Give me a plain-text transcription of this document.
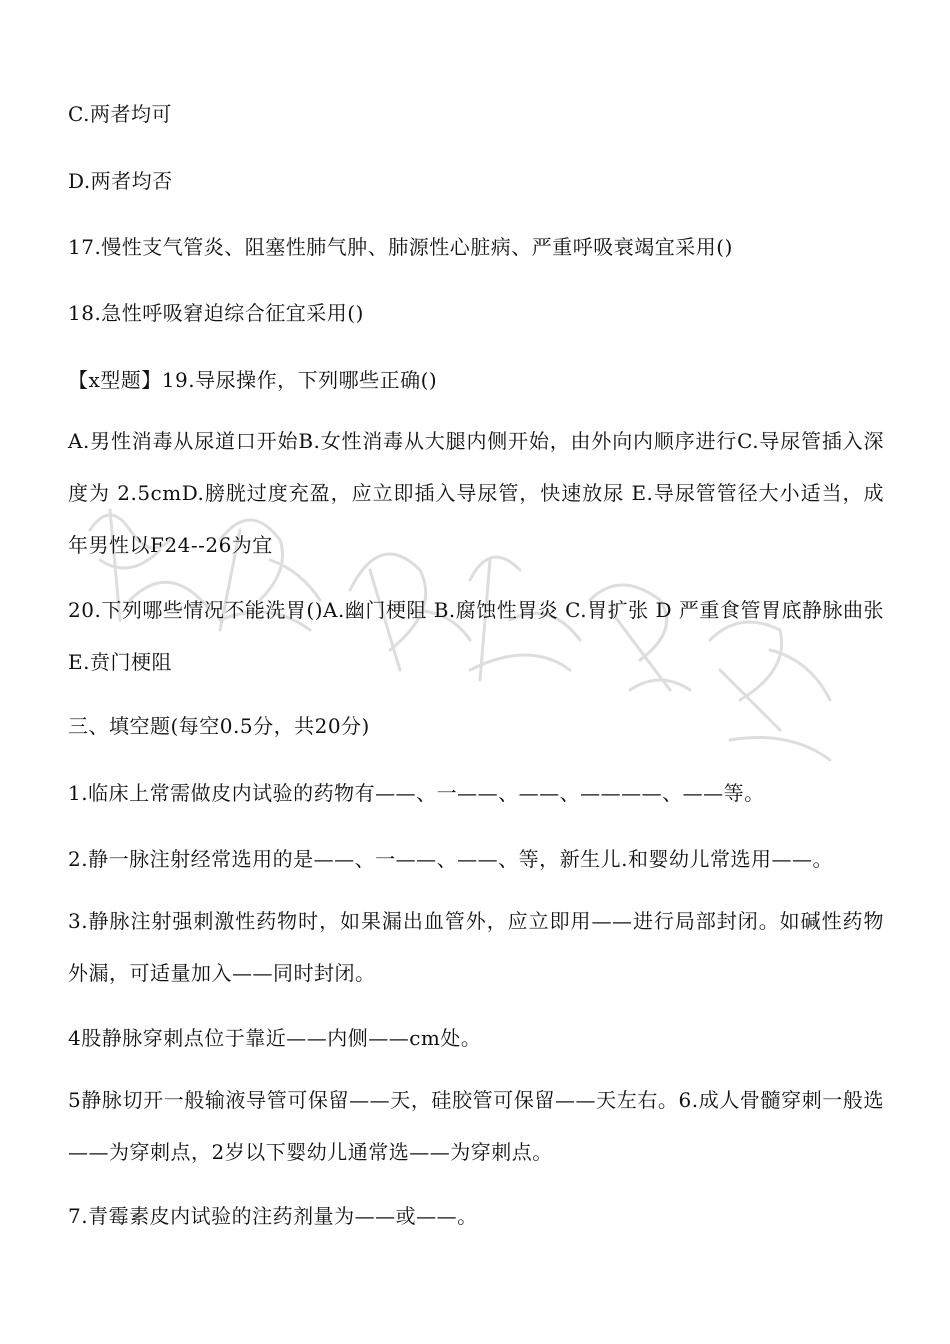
C.两者均可
D.两者均否
17.慢性支气管炎、阻塞性肺气肿、肺源性心脏病、严重呼吸衰竭宜采用()
18.急性呼吸窘迫综合征宜采用()
【x型题】19.导尿操作，下列哪些正确()
A.男性消毒从尿道口开始B.女性消毒从大腿内侧开始，由外向内顺序进行C.导尿管插入深度为 2.5cmD.膀胱过度充盈，应立即插入导尿管，快速放尿 E.导尿管管径大小适当，成年男性以F24--26为宜
20.下列哪些情况不能洗胃()A.幽门梗阻 B.腐蚀性胃炎 C.胃扩张 D 严重食管胃底静脉曲张E.贲门梗阻
三、填空题(每空0.5分，共20分)
1.临床上常需做皮内试验的药物有——、一——、——、————、——等。
2.静一脉注射经常选用的是——、一——、——、等，新生儿.和婴幼儿常选用——。
3.静脉注射强刺激性药物时，如果漏出血管外，应立即用——进行局部封闭。如碱性药物外漏，可适量加入——同时封闭。
4股静脉穿刺点位于靠近——内侧——cm处。
5静脉切开一般输液导管可保留——天，硅胶管可保留——天左右。6.成人骨髓穿刺一般选——为穿刺点，2岁以下婴幼儿通常选——为穿刺点。
7.青霉素皮内试验的注药剂量为——或——。
